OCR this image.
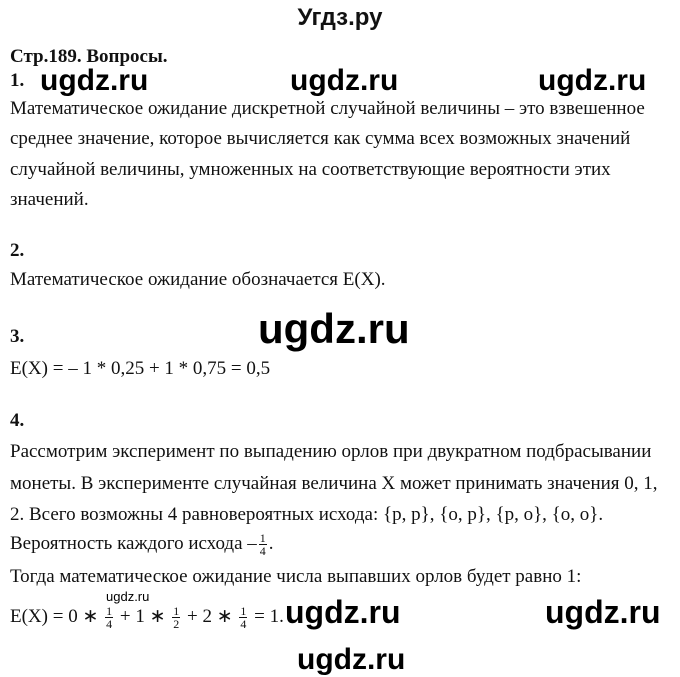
Угдз.ру
Стр.189. Вопросы.
1.
Математическое ожидание дискретной случайной величины – это взвешенное
среднее значение, которое вычисляется как сумма всех возможных значений
случайной величины, умноженных на соответствующие вероятности этих
значений.
2.
Математическое ожидание обозначается E(X).
3.
E(X) = – 1 * 0,25 + 1 * 0,75 = 0,5
4.
Рассмотрим эксперимент по выпадению орлов при двукратном подбрасывании
монеты. В эксперименте случайная величина X может принимать значения 0, 1,
2. Всего возможны 4 равновероятных исхода: {р, р}, {о, р}, {р, о}, {о, о}.
Вероятность каждого исхода – $\frac{1}{4}$ .
Тогда математическое ожидание числа выпавших орлов будет равно 1:
E(X) = 0 ∗ $\frac{1}{4} + 1$ ∗ $\frac{1}{2} + 2$ ∗ $\frac{1}{4} = 1$.
ugdz.ru	ugdz.ru	ugdz.ru
ugdz.ru
ugdz.ru	ugdz.ru	ugdz.ru
ugdz.ru
